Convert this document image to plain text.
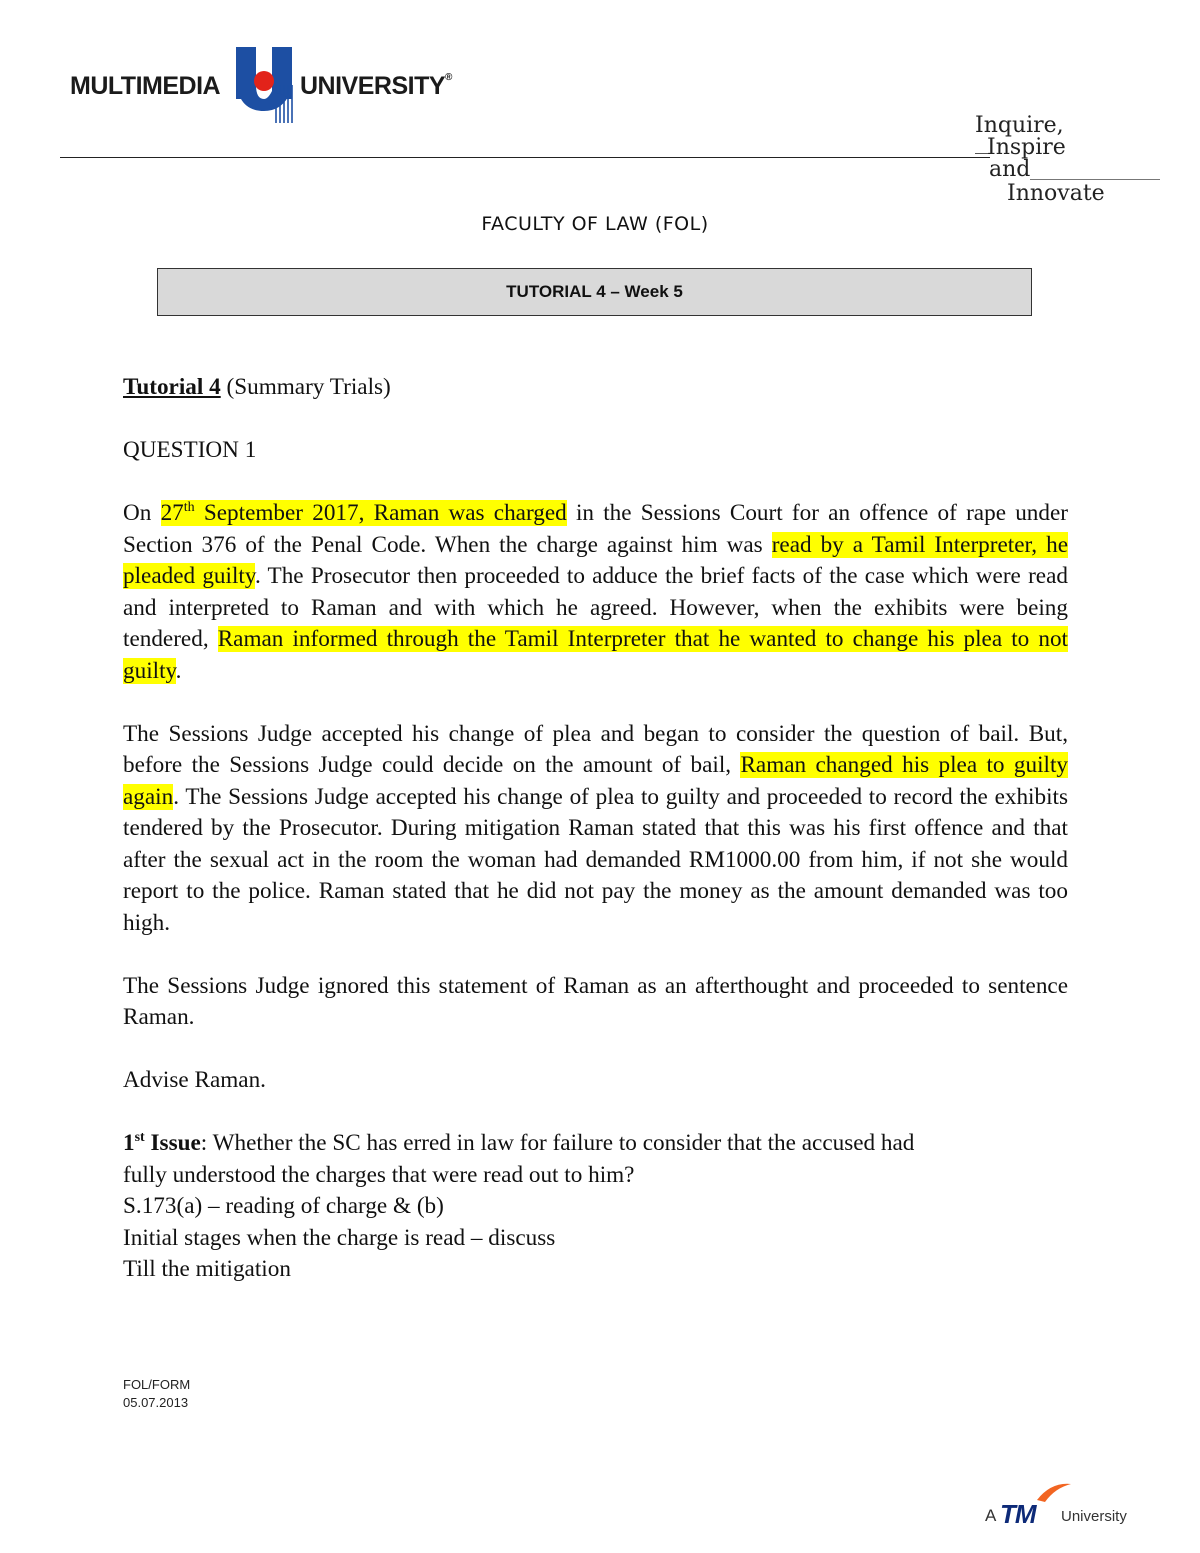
MULTIMEDIA	UNIVERSITY®
Inquire,
Inspire
and
Innovate
FACULTY OF LAW (FOL)
TUTORIAL 4 – Week 5

Tutorial 4 (Summary Trials)

QUESTION 1

On 27th September 2017, Raman was charged in the Sessions Court for an offence of rape under Section 376 of the Penal Code. When the charge against him was read by a Tamil Interpreter, he pleaded guilty. The Prosecutor then proceeded to adduce the brief facts of the case which were read and interpreted to Raman and with which he agreed. However, when the exhibits were being tendered, Raman informed through the Tamil Interpreter that he wanted to change his plea to not guilty.

The Sessions Judge accepted his change of plea and began to consider the question of bail. But, before the Sessions Judge could decide on the amount of bail, Raman changed his plea to guilty again. The Sessions Judge accepted his change of plea to guilty and proceeded to record the exhibits tendered by the Prosecutor. During mitigation Raman stated that this was his first offence and that after the sexual act in the room the woman had demanded RM1000.00 from him, if not she would report to the police. Raman stated that he did not pay the money as the amount demanded was too high.

The Sessions Judge ignored this statement of Raman as an afterthought and proceeded to sentence Raman.

Advise Raman.

1st Issue: Whether the SC has erred in law for failure to consider that the accused had
fully understood the charges that were read out to him?
S.173(a) – reading of charge & (b)
Initial stages when the charge is read – discuss
Till the mitigation
FOL/FORM
05.07.2013
A TM University
